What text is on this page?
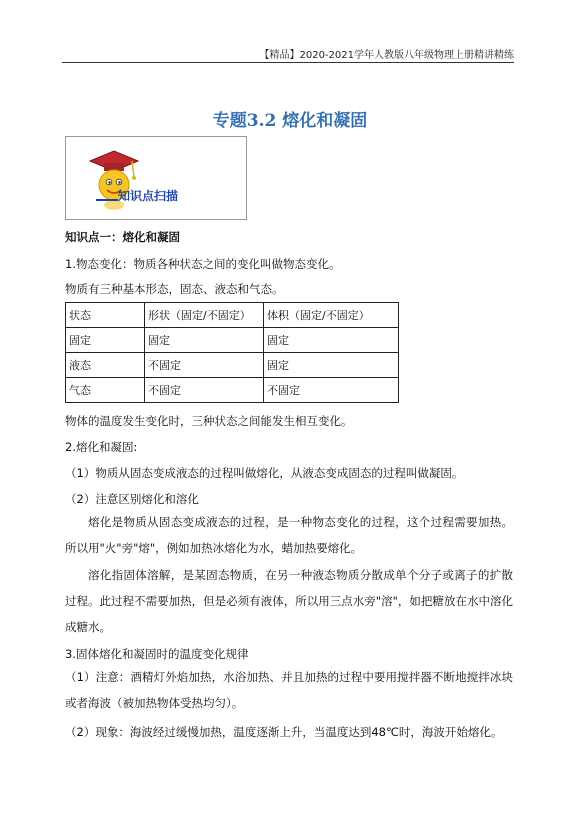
【精品】2020-2021学年人教版八年级物理上册精讲精练
专题3.2 熔化和凝固
知识点扫描
知识点一：熔化和凝固
1.物态变化：物质各种状态之间的变化叫做物态变化。
物质有三种基本形态，固态、液态和气态。
状态	形状（固定/不固定）	体积（固定/不固定）
固定	固定	固定
液态	不固定	固定
气态	不固定	不固定
物体的温度发生变化时，三种状态之间能发生相互变化。
2.熔化和凝固:
（1）物质从固态变成液态的过程叫做熔化，从液态变成固态的过程叫做凝固。
（2）注意区别熔化和溶化
熔化是物质从固态变成液态的过程，是一种物态变化的过程，这个过程需要加热。所以用"火"旁"熔"，例如加热冰熔化为水，蜡加热要熔化。
溶化指固体溶解，是某固态物质，在另一种液态物质分散成单个分子或离子的扩散过程。此过程不需要加热，但是必须有液体，所以用三点水旁"溶"，如把糖放在水中溶化成糖水。
3.固体熔化和凝固时的温度变化规律
（1）注意：酒精灯外焰加热，水浴加热、并且加热的过程中要用搅拌器不断地搅拌冰块或者海波（被加热物体受热均匀）。
（2）现象：海波经过缓慢加热，温度逐渐上升，当温度达到48℃时，海波开始熔化。
